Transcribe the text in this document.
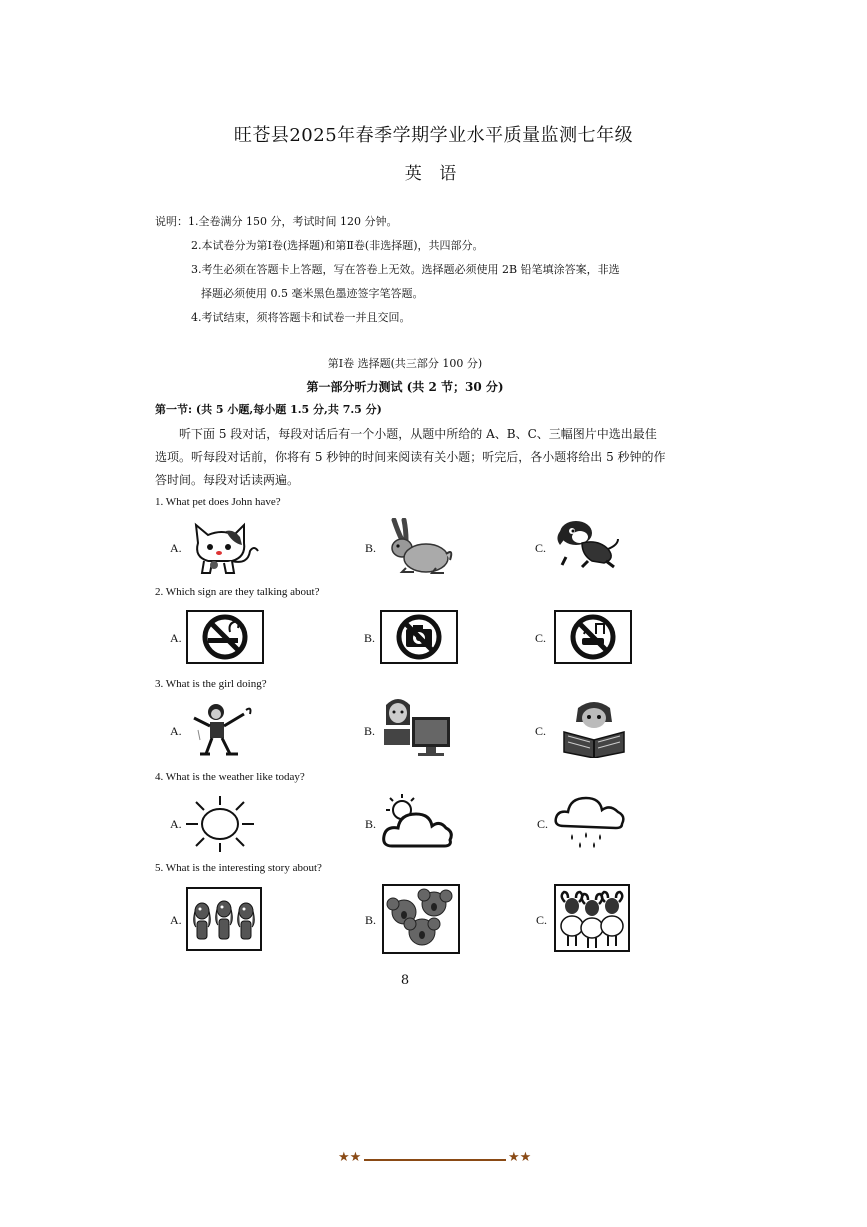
旺苍县2025年春季学期学业水平质量监测七年级
英 语
说明：1.全卷满分 150 分，考试时间 120 分钟。
2.本试卷分为第Ⅰ卷(选择题)和第Ⅱ卷(非选择题)，共四部分。
3.考生必须在答题卡上答题，写在答卷上无效。选择题必须使用 2B 铅笔填涂答案，非选
择题必须使用 0.5 毫米黑色墨迹签字笔答题。
4.考试结束，须将答题卡和试卷一并且交回。
第Ⅰ卷 选择题(共三部分 100 分)
第一部分听力测试 (共 2 节；30 分)
第一节: (共 5 小题,每小题 1.5 分,共 7.5 分)
听下面 5 段对话，每段对话后有一个小题，从题中所给的 A、B、C、三幅图片中选出最佳
选项。听每段对话前，你将有 5 秒钟的时间来阅读有关小题；听完后，各小题将给出 5 秒钟的作
答时间。每段对话读两遍。
1. What pet does John have?
A.	B.	C.
2. Which sign are they talking about?
A.	B.	C.
3. What is the girl doing?
A.	B.	C.
4. What is the weather like today?
A.	B.	C.
5. What is the interesting story about?
A.	B.	C.
8
★★	★★
